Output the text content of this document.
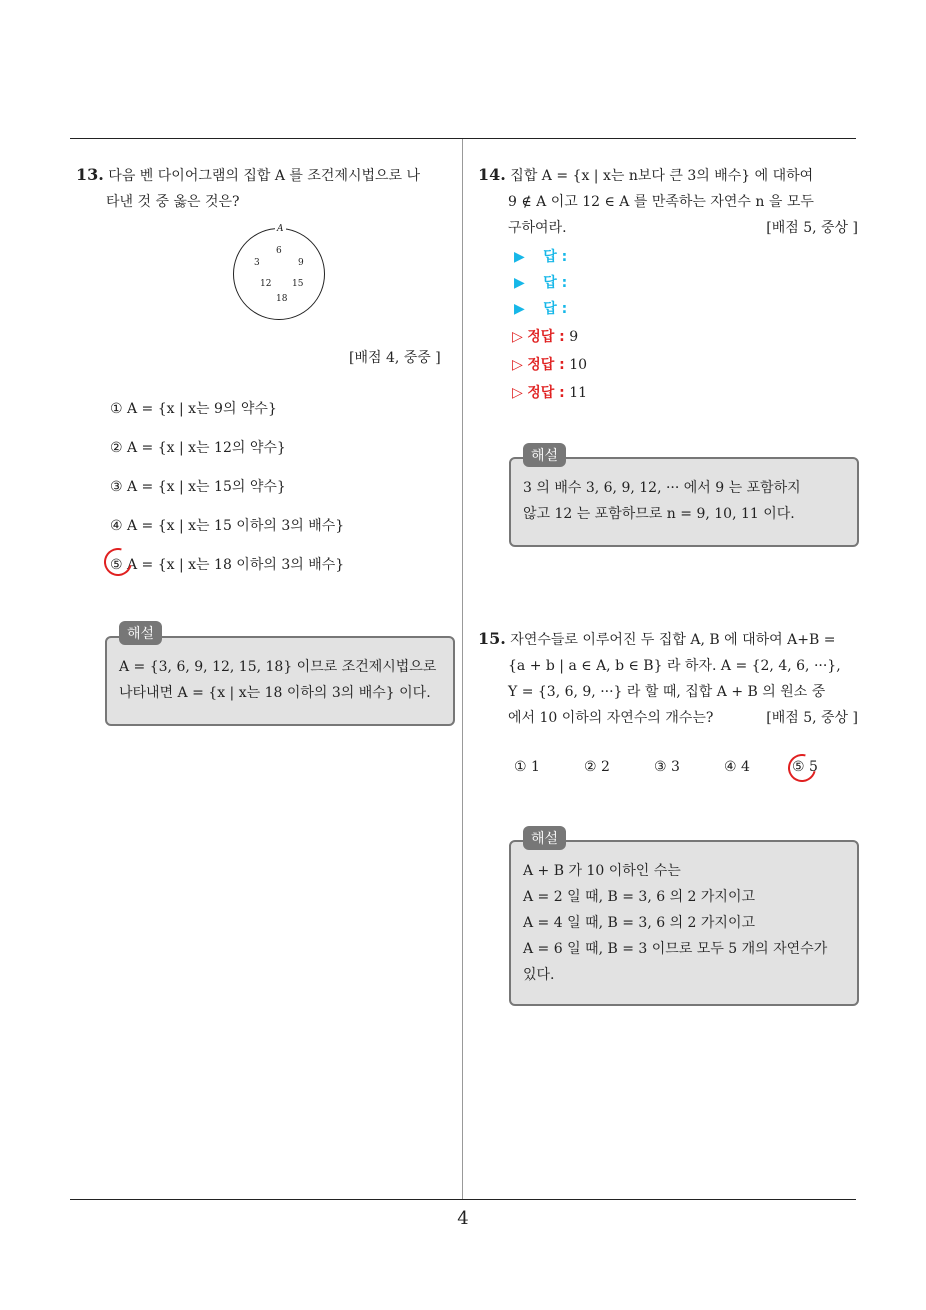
4
13. 다음 벤 다이어그램의 집합 A 를 조건제시법으로 나
타낸 것 중 옳은 것은?
A
6
3	9
12 15
18
[배점 4, 중중 ]
① A = {x | x는 9의 약수}
② A = {x | x는 12의 약수}
③ A = {x | x는 15의 약수}
④ A = {x | x는 15 이하의 3의 배수}
⑤ A = {x | x는 18 이하의 3의 배수}
A = {3, 6, 9, 12, 15, 18} 이므로 조건제시법으로
나타내면 A = {x | x는 18 이하의 3의 배수} 이다.
해설
14. 집합 A = {x | x는 n보다 큰 3의 배수} 에 대하여
9 ∉ A 이고 12 ∈ A 를 만족하는 자연수 n 을 모두
구하여라.	[배점 5, 중상 ]
▶ 답 :
▶ 답 :
▶ 답 :
▷ 정답 : 9
▷ 정답 : 10
▷ 정답 : 11
3 의 배수 3, 6, 9, 12, ··· 에서 9 는 포함하지
않고 12 는 포함하므로 n = 9, 10, 11 이다.
해설
15. 자연수들로 이루어진 두 집합 A, B 에 대하여 A+B =
{a + b | a ∈ A, b ∈ B} 라 하자. A = {2, 4, 6, ···},
Y = {3, 6, 9, ···} 라 할 때, 집합 A + B 의 원소 중
에서 10 이하의 자연수의 개수는?	[배점 5, 중상 ]
① 1	② 2	③ 3	④ 4	⑤ 5
A + B 가 10 이하인 수는
A = 2 일 때, B = 3, 6 의 2 가지이고
A = 4 일 때, B = 3, 6 의 2 가지이고
A = 6 일 때, B = 3 이므로 모두 5 개의 자연수가
있다.
해설
